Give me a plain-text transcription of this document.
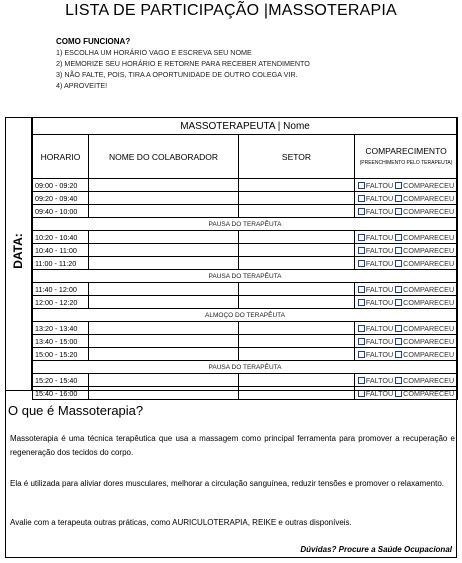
LISTA DE PARTICIPAÇÃO |MASSOTERAPIA
COMO FUNCIONA?
1) ESCOLHA UM HORÁRIO VAGO E ESCREVA SEU NOME
2) MEMORIZE SEU HORÁRIO E RETORNE PARA RECEBER ATENDIMENTO
3) NÃO FALTE, POIS, TIRA A OPORTUNIDADE DE OUTRO COLEGA VIR.
4) APROVEITE!
DATA:
MASSOTERAPEUTA | Nome			
HORARIO	NOME DO COLABORADOR	SETOR	COMPARECIMENTO
(PREENCHIMENTO PELO TERAPEUTA)
09:00 - 09:20			FALTOU COMPARECEU
09:20 - 09:40			FALTOU COMPARECEU
09:40 - 10:00			FALTOU COMPARECEU
PAUSA DO TERAPÊUTA			
10:20 - 10:40			FALTOU COMPARECEU
10:40 - 11:00			FALTOU COMPARECEU
11:00 - 11:20			FALTOU COMPARECEU
PAUSA DO TERAPÊUTA			
11:40 - 12:00			FALTOU COMPARECEU
12:00 - 12:20			FALTOU COMPARECEU
ALMOÇO DO TERAPÊUTA			
13:20 - 13:40			FALTOU COMPARECEU
13:40 - 15:00			FALTOU COMPARECEU
15:00 - 15:20			FALTOU COMPARECEU
PAUSA DO TERAPÊUTA			
15:20 - 15:40			FALTOU COMPARECEU
15:40 - 16:00			FALTOU COMPARECEU
O que é Massoterapia?

Massoterapia é uma técnica terapêutica que usa a massagem como principal ferramenta para promover a recuperação e regeneração dos tecidos do corpo.

Ela é utilizada para aliviar dores musculares, melhorar a circulação sanguínea, reduzir tensões e promover o relaxamento.

Avalie com a terapeuta outras práticas, como AURICULOTERAPIA, REIKE e outras disponíveis.

Dúvidas? Procure a Saúde Ocupacional
